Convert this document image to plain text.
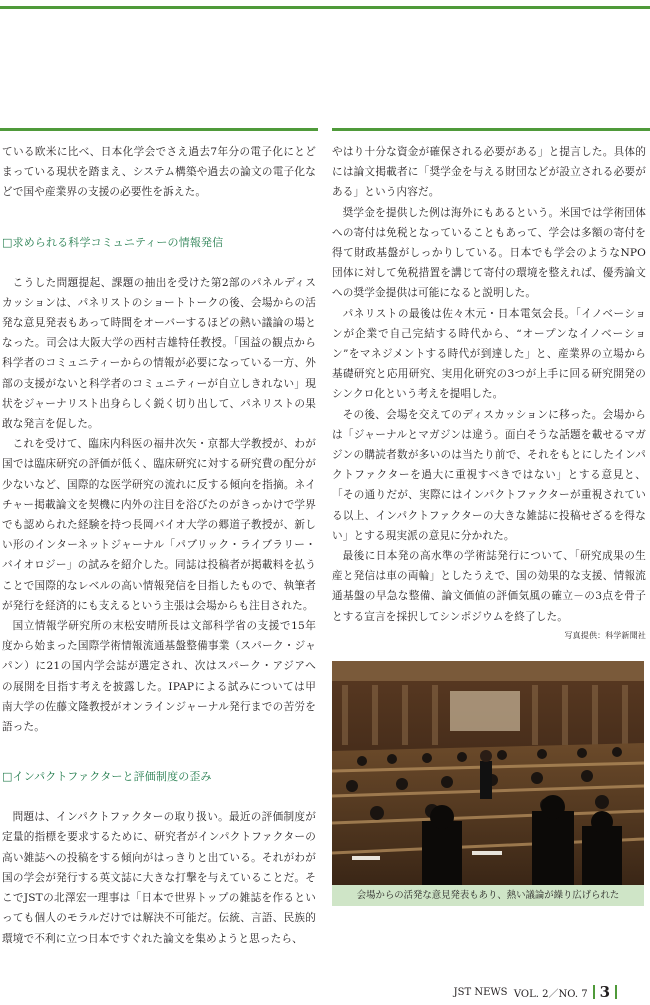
ている欧米に比べ、日本化学会でさえ過去7年分の電子化にとどまっている現状を踏まえ、システム構築や過去の論文の電子化などで国や産業界の支援の必要性を訴えた。

□求められる科学コミュニティーの情報発信

こうした問題提起、課題の抽出を受けた第2部のパネルディスカッションは、パネリストのショートトークの後、会場からの活発な意見発表もあって時間をオーバーするほどの熱い議論の場となった。司会は大阪大学の西村吉雄特任教授。「国益の観点から科学者のコミュニティーからの情報が必要になっている一方、外部の支援がないと科学者のコミュニティーが自立しきれない」現状をジャーナリスト出身らしく鋭く切り出して、パネリストの果敢な発言を促した。

これを受けて、臨床内科医の福井次矢・京都大学教授が、わが国では臨床研究の評価が低く、臨床研究に対する研究費の配分が少ないなど、国際的な医学研究の流れに反する傾向を指摘。ネイチャー掲載論文を契機に内外の注目を浴びたのがきっかけで学界でも認められた経験を持つ長岡バイオ大学の郷道子教授が、新しい形のインターネットジャーナル「パブリック・ライブラリー・バイオロジー」の試みを紹介した。同誌は投稿者が掲載料を払うことで国際的なレベルの高い情報発信を目指したもので、執筆者が発行を経済的にも支えるという主張は会場からも注目された。

国立情報学研究所の末松安晴所長は文部科学省の支援で15年度から始まった国際学術情報流通基盤整備事業（スパーク・ジャパン）に21の国内学会誌が選定され、次はスパーク・アジアへの展開を目指す考えを披露した。IPAPによる試みについては甲南大学の佐藤文隆教授がオンラインジャーナル発行までの苦労を語った。

□インパクトファクターと評価制度の歪み

問題は、インパクトファクターの取り扱い。最近の評価制度が定量的指標を要求するために、研究者がインパクトファクターの高い雑誌への投稿をする傾向がはっきりと出ている。それがわが国の学会が発行する英文誌に大きな打撃を与えていることだ。そこでJSTの北澤宏一理事は「日本で世界トップの雑誌を作るといっても個人のモラルだけでは解決不可能だ。伝統、言語、民族的環境で不利に立つ日本ですぐれた論文を集めようと思ったら、

やはり十分な資金が確保される必要がある」と提言した。具体的には論文掲載者に「奨学金を与える財団などが設立される必要がある」という内容だ。

奨学金を提供した例は海外にもあるという。米国では学術団体への寄付は免税となっていることもあって、学会は多額の寄付を得て財政基盤がしっかりしている。日本でも学会のようなNPO団体に対して免税措置を講じて寄付の環境を整えれば、優秀論文への奨学金提供は可能になると説明した。

パネリストの最後は佐々木元・日本電気会長。「イノベーションが企業で自己完結する時代から、“オープンなイノベーション”をマネジメントする時代が到達した」と、産業界の立場から基礎研究と応用研究、実用化研究の3つが上手に回る研究開発のシンクロ化という考えを提唱した。

その後、会場を交えてのディスカッションに移った。会場からは「ジャーナルとマガジンは違う。面白そうな話題を載せるマガジンの購読者数が多いのは当たり前で、それをもとにしたインパクトファクターを過大に重視すべきではない」とする意見と、「その通りだが、実際にはインパクトファクターが重視されている以上、インパクトファクターの大きな雑誌に投稿せざるを得ない」とする現実派の意見に分かれた。

最後に日本発の高水準の学術誌発行について、「研究成果の生産と発信は車の両輪」としたうえで、国の効果的な支援、情報流通基盤の早急な整備、論文価値の評価気風の確立－の3点を骨子とする宣言を採択してシンポジウムを終了した。

写真提供：科学新聞社

会場からの活発な意見発表もあり、熱い議論が繰り広げられた
JST NEWS
VOL. 2／NO. 7 3
